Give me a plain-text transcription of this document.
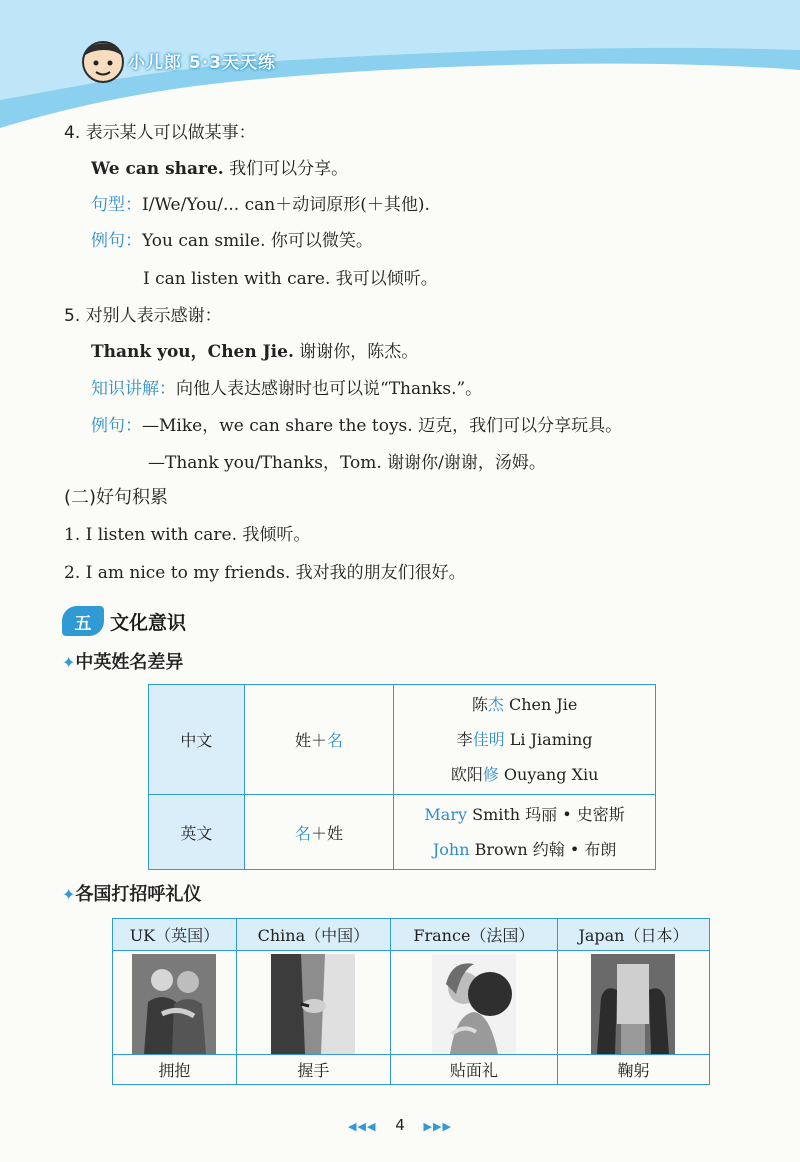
小儿郎 5·3天天练
4. 表示某人可以做某事：
We can share. 我们可以分享。
句型：I/We/You/... can＋动词原形(＋其他).
例句：You can smile. 你可以微笑。
I can listen with care. 我可以倾听。
5. 对别人表示感谢：
Thank you，Chen Jie. 谢谢你，陈杰。
知识讲解：向他人表达感谢时也可以说“Thanks.”。
例句：—Mike，we can share the toys. 迈克，我们可以分享玩具。
—Thank you/Thanks，Tom. 谢谢你/谢谢，汤姆。
(二)好句积累
1. I listen with care. 我倾听。
2. I am nice to my friends. 我对我的朋友们很好。
五 文化意识
✦中英姓名差异
中文	姓＋名	陈杰 Chen Jie
李佳明 Li Jiaming
欧阳修 Ouyang Xiu

英文	名＋姓	Mary Smith 玛丽 • 史密斯
John Brown 约翰 • 布朗
✦各国打招呼礼仪
UK（英国）	China（中国）	France（法国）	Japan（日本）

拥抱	握手	贴面礼	鞠躬
◀◀◀ 4 ▶▶▶
